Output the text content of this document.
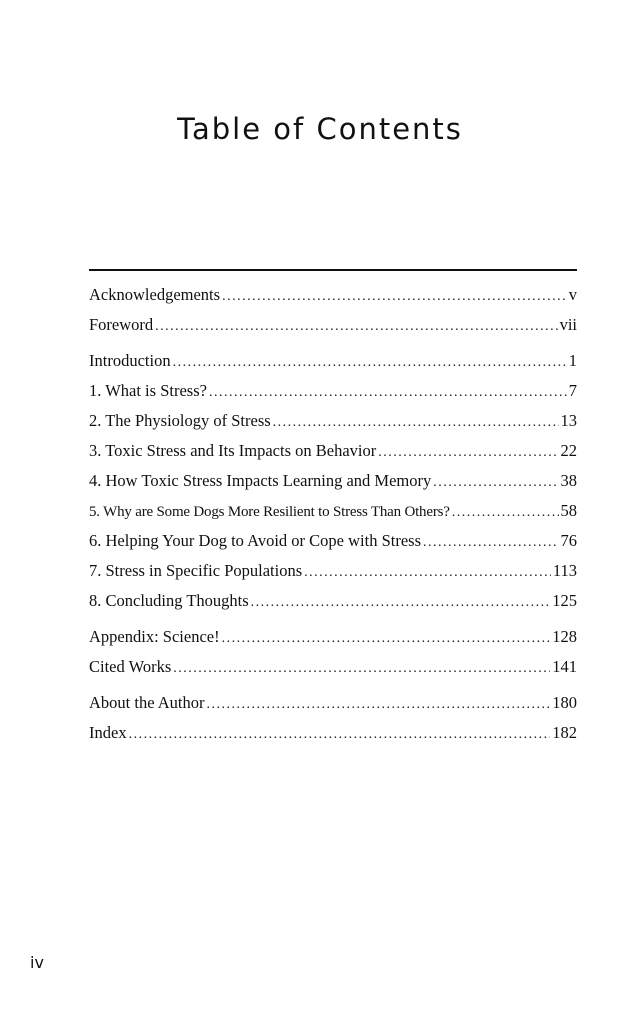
Table of Contents
Acknowledgements .....	v
Foreword .....	vii
Introduction .....	1
1. What is Stress? .....	7
2. The Physiology of Stress .....	13
3. Toxic Stress and Its Impacts on Behavior .....	22
4. How Toxic Stress Impacts Learning and Memory .....	38
5. Why are Some Dogs More Resilient to Stress Than Others? .....	58
6. Helping Your Dog to Avoid or Cope with Stress .....	76
7. Stress in Specific Populations .....	113
8. Concluding Thoughts .....	125
Appendix: Science! .....	128
Cited Works .....	141
About the Author .....	180
Index .....	182
iv
